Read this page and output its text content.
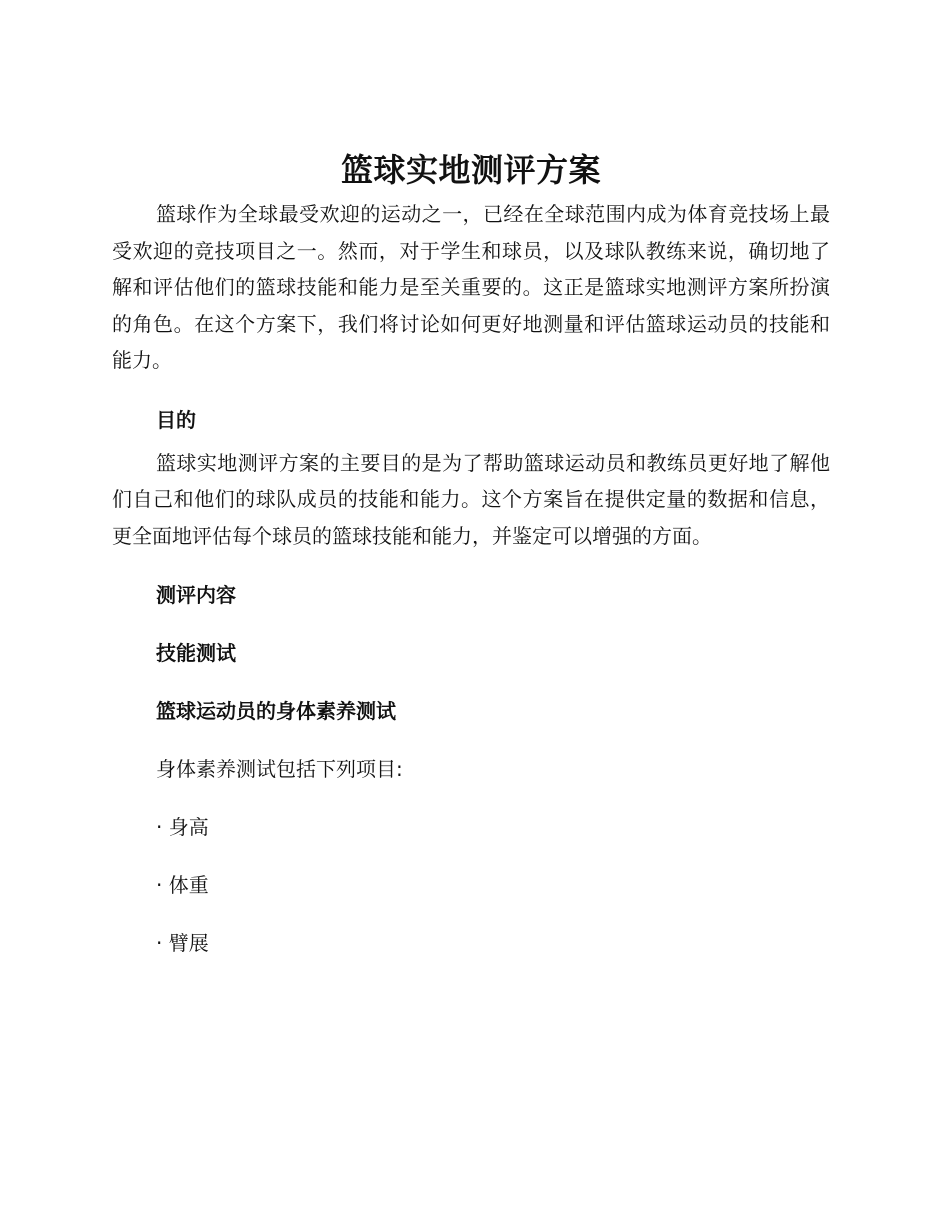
篮球实地测评方案

篮球作为全球最受欢迎的运动之一，已经在全球范围内成为体育竞技场上最受欢迎的竞技项目之一。然而，对于学生和球员，以及球队教练来说，确切地了解和评估他们的篮球技能和能力是至关重要的。这正是篮球实地测评方案所扮演的角色。在这个方案下，我们将讨论如何更好地测量和评估篮球运动员的技能和能力。

目的

篮球实地测评方案的主要目的是为了帮助篮球运动员和教练员更好地了解他们自己和他们的球队成员的技能和能力。这个方案旨在提供定量的数据和信息，更全面地评估每个球员的篮球技能和能力，并鉴定可以增强的方面。

测评内容
技能测试
篮球运动员的身体素养测试
身体素养测试包括下列项目:
· 身高
· 体重
· 臂展
